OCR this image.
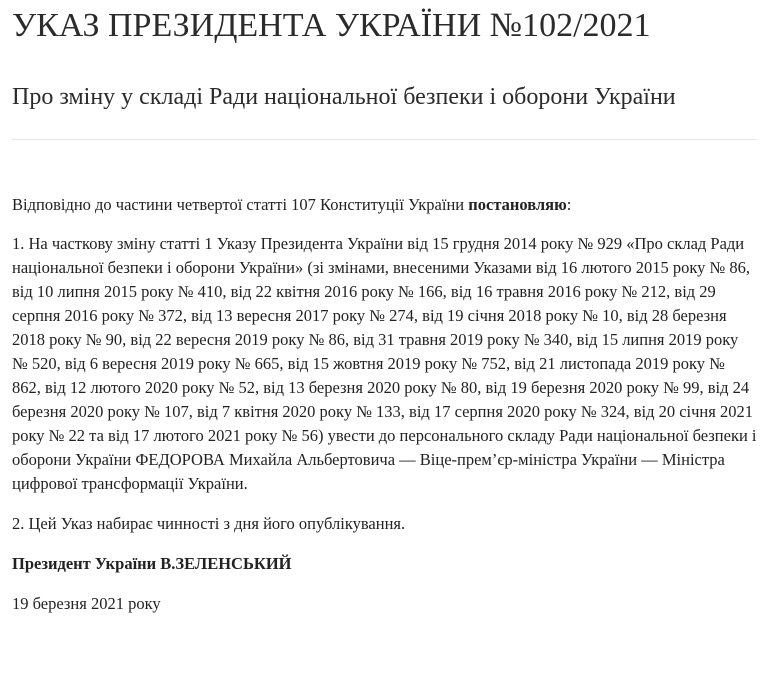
УКАЗ ПРЕЗИДЕНТА УКРАЇНИ №102/2021
Про зміну у складі Ради національної безпеки і оборони України

Відповідно до частини четвертої статті 107 Конституції України постановляю:

1. На часткову зміну статті 1 Указу Президента України від 15 грудня 2014 року № 929 «Про склад Ради національної безпеки і оборони України» (зі змінами, внесеними Указами від 16 лютого 2015 року № 86, від 10 липня 2015 року № 410, від 22 квітня 2016 року № 166, від 16 травня 2016 року № 212, від 29 серпня 2016 року № 372, від 13 вересня 2017 року № 274, від 19 січня 2018 року № 10, від 28 березня 2018 року № 90, від 22 вересня 2019 року № 86, від 31 травня 2019 року № 340, від 15 липня 2019 року № 520, від 6 вересня 2019 року № 665, від 15 жовтня 2019 року № 752, від 21 листопада 2019 року № 862, від 12 лютого 2020 року № 52, від 13 березня 2020 року № 80, від 19 березня 2020 року № 99, від 24 березня 2020 року № 107, від 7 квітня 2020 року № 133, від 17 серпня 2020 року № 324, від 20 січня 2021 року № 22 та від 17 лютого 2021 року № 56) увести до персонального складу Ради національної безпеки і оборони України ФЕДОРОВА Михайла Альбертовича — Віце-прем’єр-міністра України — Міністра цифрової трансформації України.

2. Цей Указ набирає чинності з дня його опублікування.

Президент України В.ЗЕЛЕНСЬКИЙ

19 березня 2021 року
